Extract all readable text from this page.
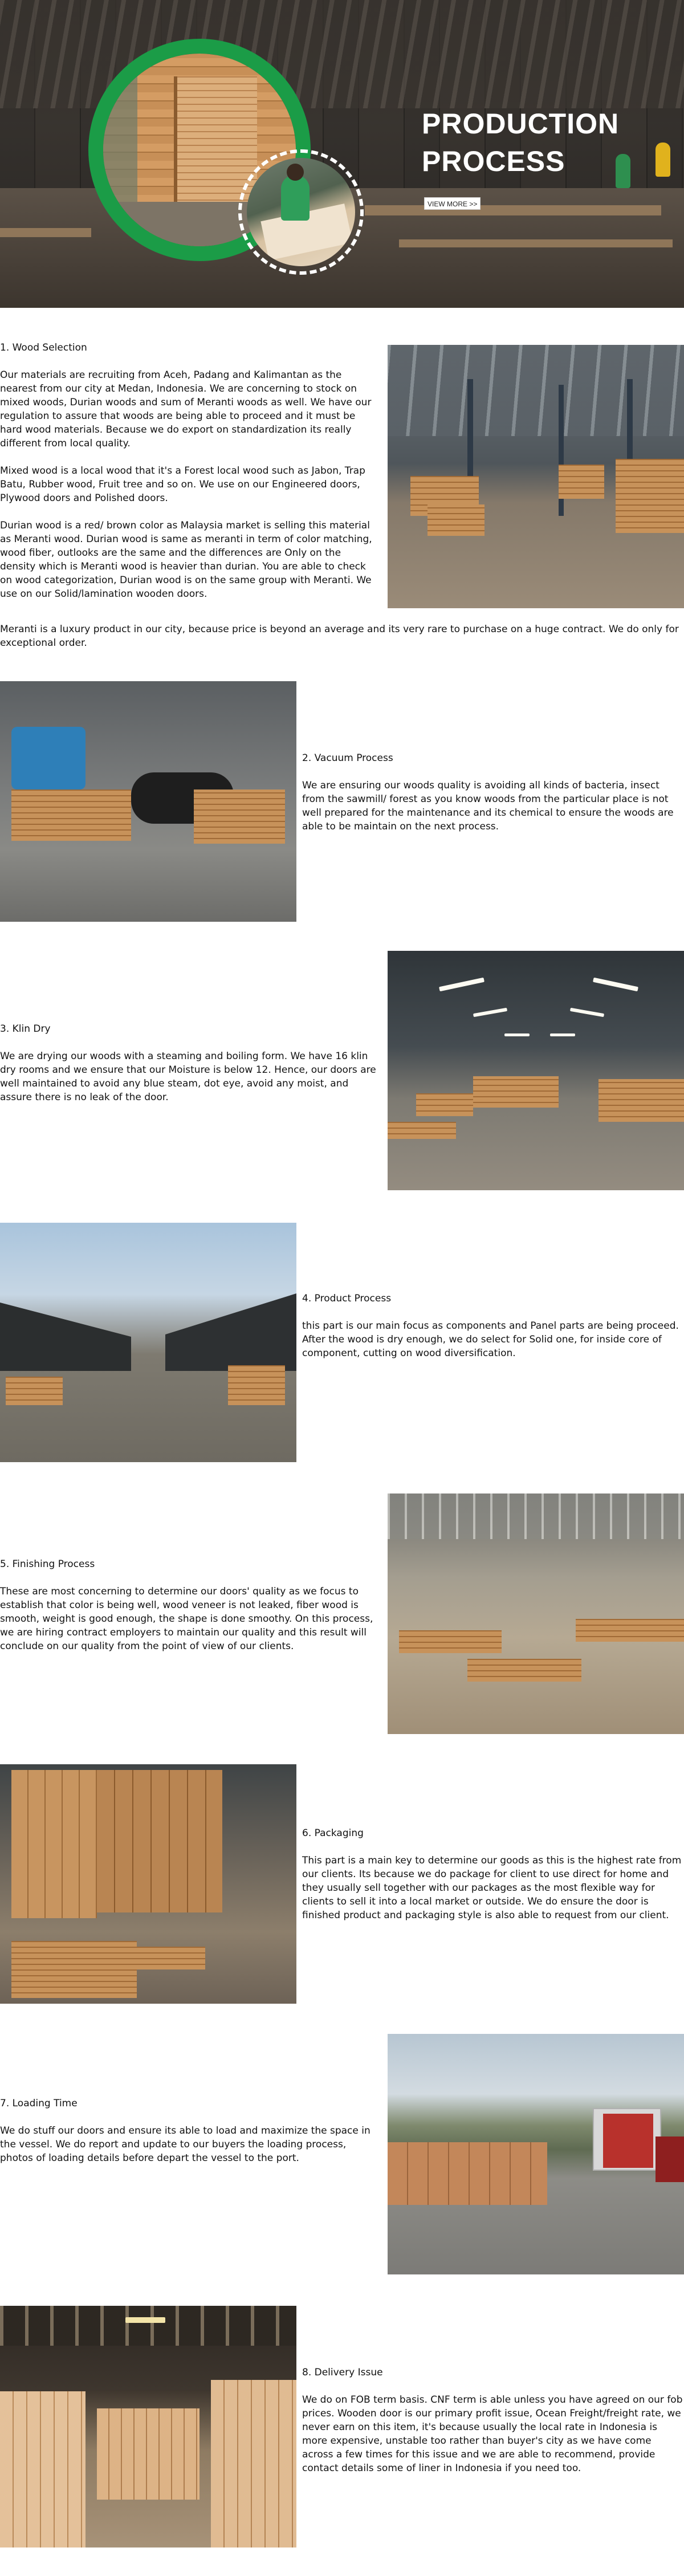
PRODUCTION
PROCESS
VIEW MORE >>
1. Wood Selection

Our materials are recruiting from Aceh, Padang and Kalimantan as the nearest from our city at Medan, Indonesia. We are concerning to stock on mixed woods, Durian woods and sum of Meranti woods as well. We have our regulation to assure that woods are being able to proceed and it must be hard wood materials. Because we do export on standardization its really different from local quality.

Mixed wood is a local wood that it's a Forest local wood such as Jabon, Trap Batu, Rubber wood, Fruit tree and so on. We use on our Engineered doors, Plywood doors and Polished doors.

Durian wood is a red/ brown color as Malaysia market is selling this material as Meranti wood. Durian wood is same as meranti in term of color matching, wood fiber, outlooks are the same and the differences are Only on the density which is Meranti wood is heavier than durian. You are able to check on wood categorization, Durian wood is on the same group with Meranti. We use on our Solid/lamination wooden doors.

Meranti is a luxury product in our city, because price is beyond an average and its very rare to purchase on a huge contract. We do only for exceptional order.

2. Vacuum Process

We are ensuring our woods quality is avoiding all kinds of bacteria, insect from the sawmill/ forest as you know woods from the particular place is not well prepared for the maintenance and its chemical to ensure the woods are able to be maintain on the next process.

3. Klin Dry

We are drying our woods with a steaming and boiling form. We have 16 klin dry rooms and we ensure that our Moisture is below 12. Hence, our doors are well maintained to avoid any blue steam, dot eye, avoid any moist, and assure there is no leak of the door.

4. Product Process

this part is our main focus as components and Panel parts are being proceed. After the wood is dry enough, we do select for Solid one, for inside core of component, cutting on wood diversification.

5. Finishing Process

These are most concerning to determine our doors' quality as we focus to establish that color is being well, wood veneer is not leaked, fiber wood is smooth, weight is good enough, the shape is done smoothy. On this process, we are hiring contract employers to maintain our quality and this result will conclude on our quality from the point of view of our clients.

6. Packaging

This part is a main key to determine our goods as this is the highest rate from our clients. Its because we do package for client to use direct for home and they usually sell together with our packages as the most flexible way for clients to sell it into a local market or outside. We do ensure the door is finished product and packaging style is also able to request from our client.

7. Loading Time

We do stuff our doors and ensure its able to load and maximize the space in the vessel. We do report and update to our buyers the loading process, photos of loading details before depart the vessel to the port.

8. Delivery Issue

We do on FOB term basis. CNF term is able unless you have agreed on our fob prices. Wooden door is our primary profit issue, Ocean Freight/freight rate, we never earn on this item, it's because usually the local rate in Indonesia is more expensive, unstable too rather than buyer's city as we have come across a few times for this issue and we are able to recommend, provide contact details some of liner in Indonesia if you need too.
